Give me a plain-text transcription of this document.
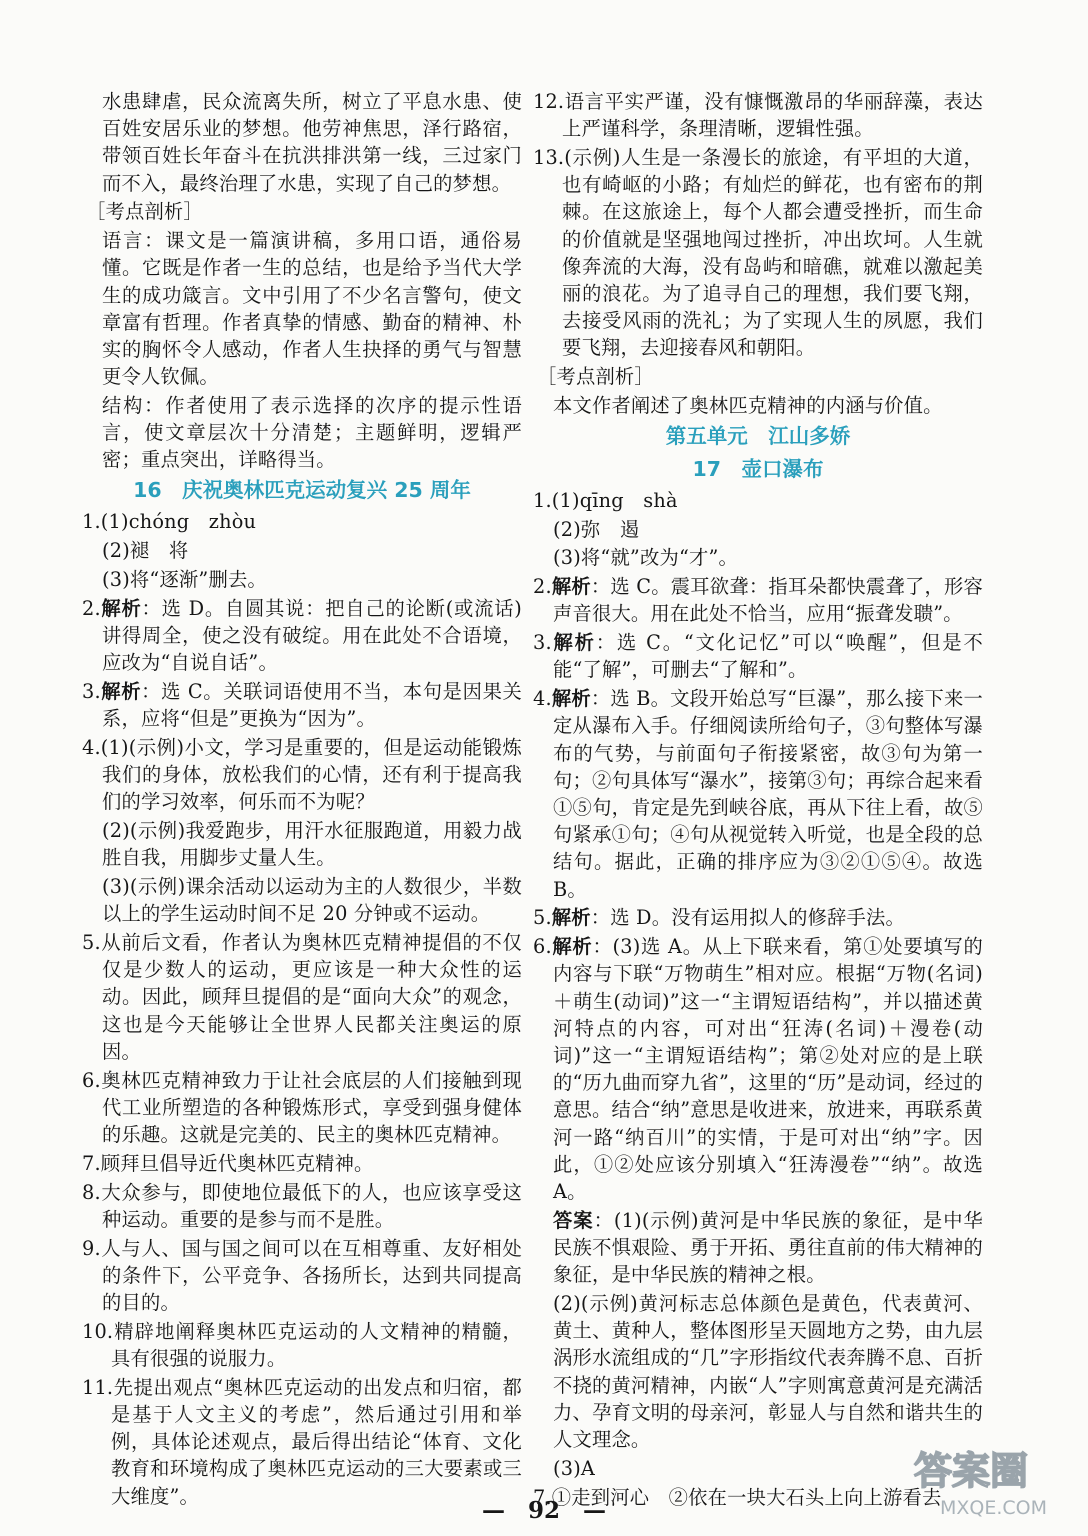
水患肆虐，民众流离失所，树立了平息水患、使百姓安居乐业的梦想。他劳神焦思，泽行路宿，带领百姓长年奋斗在抗洪排洪第一线，三过家门而不入，最终治理了水患，实现了自己的梦想。
［考点剖析］
语言：课文是一篇演讲稿，多用口语，通俗易懂。它既是作者一生的总结，也是给予当代大学生的成功箴言。文中引用了不少名言警句，使文章富有哲理。作者真挚的情感、勤奋的精神、朴实的胸怀令人感动，作者人生抉择的勇气与智慧更令人钦佩。
结构：作者使用了表示选择的次序的提示性语言，使文章层次十分清楚；主题鲜明，逻辑严密；重点突出，详略得当。
16　庆祝奥林匹克运动复兴 25 周年
1.(1)chóng　zhòu
(2)褪　将
(3)将“逐渐”删去。
2.解析：选 D。自圆其说：把自己的论断(或流话)讲得周全，使之没有破绽。用在此处不合语境，应改为“自说自话”。
3.解析：选 C。关联词语使用不当，本句是因果关系，应将“但是”更换为“因为”。
4.(1)(示例)小文，学习是重要的，但是运动能锻炼我们的身体，放松我们的心情，还有利于提高我们的学习效率，何乐而不为呢？
(2)(示例)我爱跑步，用汗水征服跑道，用毅力战胜自我，用脚步丈量人生。
(3)(示例)课余活动以运动为主的人数很少，半数以上的学生运动时间不足 20 分钟或不运动。
5.从前后文看，作者认为奥林匹克精神提倡的不仅仅是少数人的运动，更应该是一种大众性的运动。因此，顾拜旦提倡的是“面向大众”的观念，这也是今天能够让全世界人民都关注奥运的原因。
6.奥林匹克精神致力于让社会底层的人们接触到现代工业所塑造的各种锻炼形式，享受到强身健体的乐趣。这就是完美的、民主的奥林匹克精神。
7.顾拜旦倡导近代奥林匹克精神。
8.大众参与，即使地位最低下的人，也应该享受这种运动。重要的是参与而不是胜。
9.人与人、国与国之间可以在互相尊重、友好相处的条件下，公平竞争、各扬所长，达到共同提高的目的。
10.精辟地阐释奥林匹克运动的人文精神的精髓，具有很强的说服力。
11.先提出观点“奥林匹克运动的出发点和归宿，都是基于人文主义的考虑”，然后通过引用和举例，具体论述观点，最后得出结论“体育、文化教育和环境构成了奥林匹克运动的三大要素或三大维度”。
12.语言平实严谨，没有慷慨激昂的华丽辞藻，表达上严谨科学，条理清晰，逻辑性强。
13.(示例)人生是一条漫长的旅途，有平坦的大道，也有崎岖的小路；有灿烂的鲜花，也有密布的荆棘。在这旅途上，每个人都会遭受挫折，而生命的价值就是坚强地闯过挫折，冲出坎坷。人生就像奔流的大海，没有岛屿和暗礁，就难以激起美丽的浪花。为了追寻自己的理想，我们要飞翔，去接受风雨的洗礼；为了实现人生的夙愿，我们要飞翔，去迎接春风和朝阳。
［考点剖析］
本文作者阐述了奥林匹克精神的内涵与价值。
第五单元　江山多娇
17　壶口瀑布
1.(1)qīng　shà
(2)弥　遏
(3)将“就”改为“才”。
2.解析：选 C。震耳欲聋：指耳朵都快震聋了，形容声音很大。用在此处不恰当，应用“振聋发聩”。
3.解析：选 C。“文化记忆”可以“唤醒”，但是不能“了解”，可删去“了解和”。
4.解析：选 B。文段开始总写“巨瀑”，那么接下来一定从瀑布入手。仔细阅读所给句子，③句整体写瀑布的气势，与前面句子衔接紧密，故③句为第一句；②句具体写“瀑水”，接第③句；再综合起来看①⑤句，肯定是先到峡谷底，再从下往上看，故⑤句紧承①句；④句从视觉转入听觉，也是全段的总结句。据此，正确的排序应为③②①⑤④。故选 B。
5.解析：选 D。没有运用拟人的修辞手法。
6.解析：(3)选 A。从上下联来看，第①处要填写的内容与下联“万物萌生”相对应。根据“万物(名词)＋萌生(动词)”这一“主谓短语结构”，并以描述黄河特点的内容，可对出“狂涛(名词)＋漫卷(动词)”这一“主谓短语结构”；第②处对应的是上联的“历九曲而穿九省”，这里的“历”是动词，经过的意思。结合“纳”意思是收进来，放进来，再联系黄河一路“纳百川”的实情，于是可对出“纳”字。因此，①②处应该分别填入“狂涛漫卷”“纳”。故选 A。
答案：(1)(示例)黄河是中华民族的象征，是中华民族不惧艰险、勇于开拓、勇往直前的伟大精神的象征，是中华民族的精神之根。
(2)(示例)黄河标志总体颜色是黄色，代表黄河、黄土、黄种人，整体图形呈天圆地方之势，由九层涡形水流组成的“几”字形指纹代表奔腾不息、百折不挠的黄河精神，内嵌“人”字则寓意黄河是充满活力、孕育文明的母亲河，彰显人与自然和谐共生的人文理念。
(3)A
7.①走到河心　②依在一块大石头上向上游看去
—　92　—
答案圈
MXQE.COM
